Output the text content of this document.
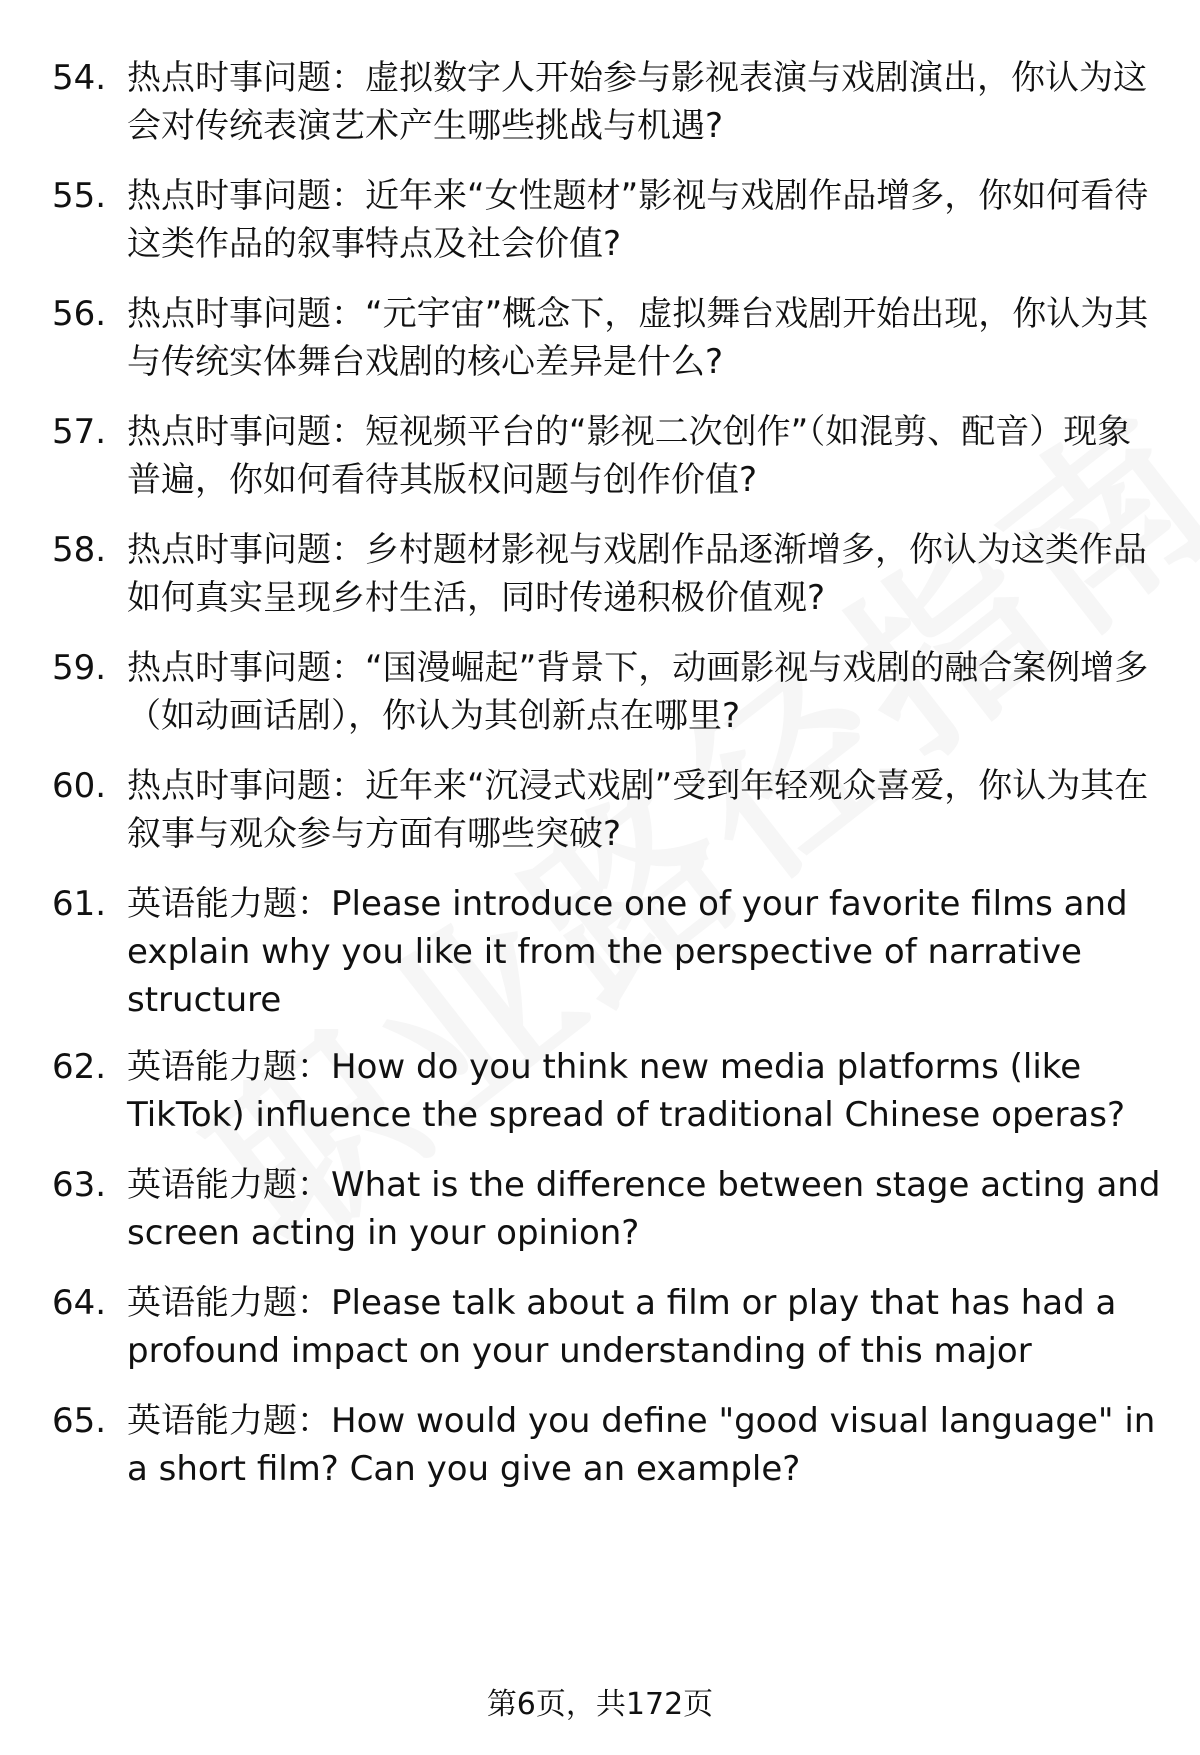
54. 热点时事问题：虚拟数字人开始参与影视表演与戏剧演出，你认为这会对传统表演艺术产生哪些挑战与机遇?
55. 热点时事问题：近年来“女性题材”影视与戏剧作品增多，你如何看待这类作品的叙事特点及社会价值?
56. 热点时事问题：“元宇宙”概念下，虚拟舞台戏剧开始出现，你认为其与传统实体舞台戏剧的核心差异是什么?
57. 热点时事问题：短视频平台的“影视二次创作”（如混剪、配音）现象普遍，你如何看待其版权问题与创作价值?
58. 热点时事问题：乡村题材影视与戏剧作品逐渐增多，你认为这类作品如何真实呈现乡村生活，同时传递积极价值观?
59. 热点时事问题：“国漫崛起”背景下，动画影视与戏剧的融合案例增多（如动画话剧），你认为其创新点在哪里?
60. 热点时事问题：近年来“沉浸式戏剧”受到年轻观众喜爱，你认为其在叙事与观众参与方面有哪些突破?
61. 英语能力题：Please introduce one of your favorite films and explain why you like it from the perspective of narrative structure
62. 英语能力题：How do you think new media platforms (like TikTok) influence the spread of traditional Chinese operas?
63. 英语能力题：What is the difference between stage acting and screen acting in your opinion?
64. 英语能力题：Please talk about a film or play that has had a profound impact on your understanding of this major
65. 英语能力题：How would you define "good visual language" in a short film? Can you give an example?
第6页，共172页
